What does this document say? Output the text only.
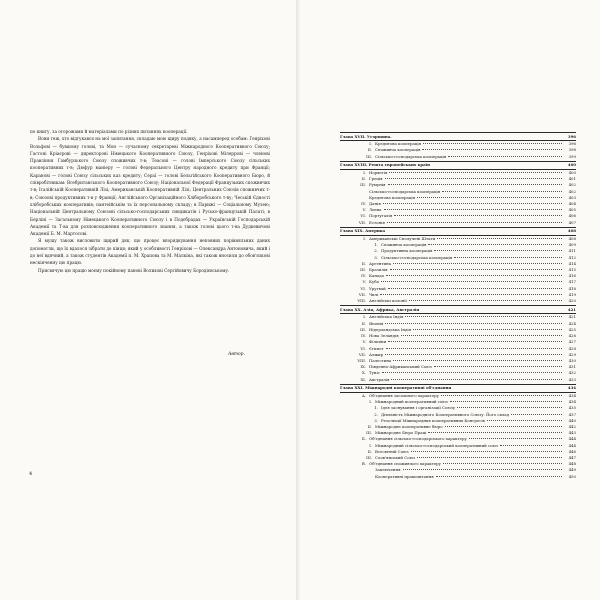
по книгу, за огорожами й матеріалами по різних питаннях кооперації.

Вони теж, хто відгукався на мої запитання, складаю мою щиру подяку, а насамперед особам: Генріхові Вольфові — бувшому голові, та Мон — сучасному секретареві Міжнародного Кооперативного Союзу; Гастоні Кріаєрові — директорові Німецького Кооперативного Союзу, Генріхові Мілеррові — членові Правління Гамбурзького Союзу споживчих т-в; Теасоні — голові Імперського Союзу сільських кооперативних т-в; Дюфур маніеру — голові Федерального Центру народного кредиту при Франції; Каранові — голові Союзу сільських каз кредиту; Сераї — голові Бельгійського Кооперативного Бюро, й співробітникам: Всебританського Кооперативного Союзу; Національної Федерації Французьких споживчих т-в; Італійській Кооперативній Лізі; Американській Кооперативній Лізі; Центральних Союзів споживчих т-в; Союзові продуктивних т-в у Франції; Англійського Організаційного Хліборобського т-ву; Чеській Єдності хліборобських кооперативів; пантеійськім та їх персональному складу; в Парижі — Соціальному Музею; Національній Центральному Союзові сільсько-господарських синдикатів і Русько-французькій Палаті; в Берліні — Загальному Німецького Кооперативного Союзу і в Подєбрадах — Українській Господарській Академії та Т-ва для розповсюдження кооперативного знання, а також голові цього т-ва Дудкевичові Академії Б. М. Мартосові.

Я мушу також висловити щирий дяк, що процес впорядкування неповних порівняльних даних допомогли, що їх вдалося зібрати до кінця; який у особливості Генріхові — Олександра Антоновича, який і до неї вдячний, а також студентів Академії п. М. Храпова та М. Малкіна, які також вносили до обов'язкові нескінченну цю працю.

Присвячую цю працю моєму покійному панові Волихові Сергійовичу Бородієвському.

Автор.
4
Глава XVII. Угорщина.	396
I. Кредитова кооперація	396
II. Споживча кооперація	398
III. Сільсько-господарська кооперація	399
Глава XVIII. Решта європейських країн	400
I. Норвегія	400
II. Греція	401
III. Румунія	402
Сільсько-господарська кооперація	402
Кредитова кооперація	403
IV. Данія	404
V. Литва	405
VI. Португалія	406
VII. Естонія	407
Глава XIX. Америка	408
I. Американські Сполучені Штати	408
1. Споживча кооперація	409
2. Продуктивна кооперація	411
3. Сільсько-господарська кооперація	412
II. Аргентина	414
III. Бразилія	415
IV. Канада	416
V. Куба	417
VI. Уругвай	418
VII. Чилі	419
VIII. Англійські колонії	420
Глава XX. Азія, Африка, Австралія	421
I. Англійська Індія	421
II. Японія	424
III. Нідерландська Індія	425
IV. Нова Зеландія	426
V. Філіпіни	427
VI. Єгипет	428
VII. Алжир	429
VIII. Палестина	430
IX. Південно-Африканський Союз	431
X. Туніс	432
XI. Австралія	433
Глава XXI. Міжнародні кооперативні об'єднання	434
A. Об'єднання загального характеру	434
I. Міжнародний кооперативний союз	434
1. Ідея заснування і організації Союзу	435
2. Діяльність Міжнародного Кооперативного Союзу. Його склад	437
3. Резолюції Міжнародних кооперативних Конгресів	440
II. Міжнародне кооперативне бюро	442
III. Міжнародне Бюро Праці	443
Б. Об'єднання сільсько-господарського характеру	444
I. Міжнародний сільсько-господарський кооперативний союз	444
II. Всесвітній Союз	446
III. Слов'янський Союз	447
В. Об'єднання споживчого характеру	448
Заключення	449
Кооперативні правопитання	450
